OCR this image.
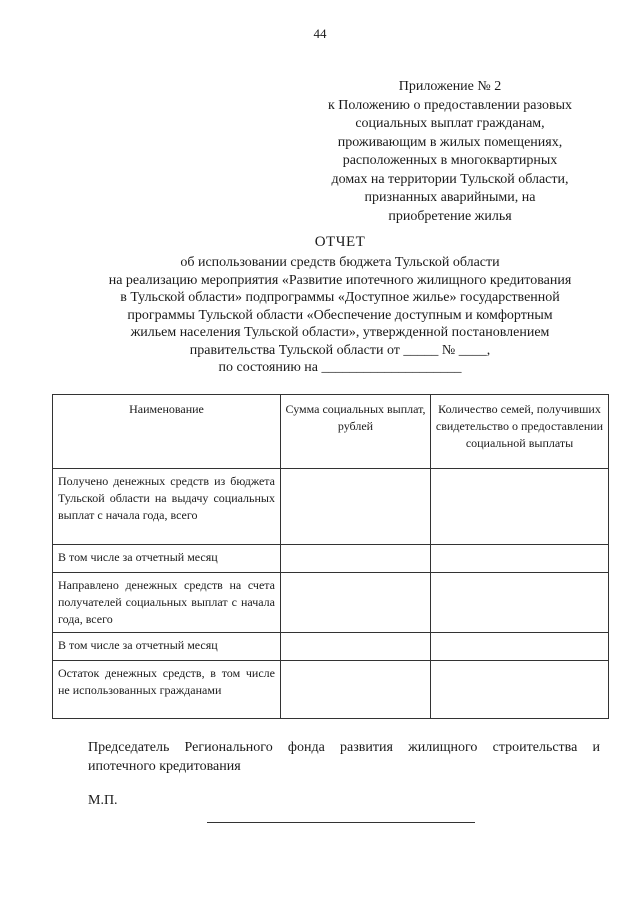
44
Приложение № 2
к Положению о предоставлении разовых
социальных выплат гражданам,
проживающим в жилых помещениях,
расположенных в многоквартирных
домах на территории Тульской области,
признанных аварийными, на
приобретение жилья
ОТЧЕТ
об использовании средств бюджета Тульской области
на реализацию мероприятия «Развитие ипотечного жилищного кредитования
в Тульской области» подпрограммы «Доступное жилье» государственной
программы Тульской области «Обеспечение доступным и комфортным
жильем населения Тульской области», утвержденной постановлением
правительства Тульской области от _____ № ____,
по состоянию на ____________________
Наименование	Сумма социальных выплат, рублей	Количество семей, получивших свидетельство о предоставлении социальной выплаты
Получено денежных средств из бюджета Тульской области на выдачу социальных выплат с начала года, всего		
В том числе за отчетный месяц		
Направлено денежных средств на счета получателей социальных выплат с начала года, всего		
В том числе за отчетный месяц		
Остаток денежных средств, в том числе не использованных гражданами		
Председатель Регионального фонда развития жилищного строительства и ипотечного кредитования
М.П.
